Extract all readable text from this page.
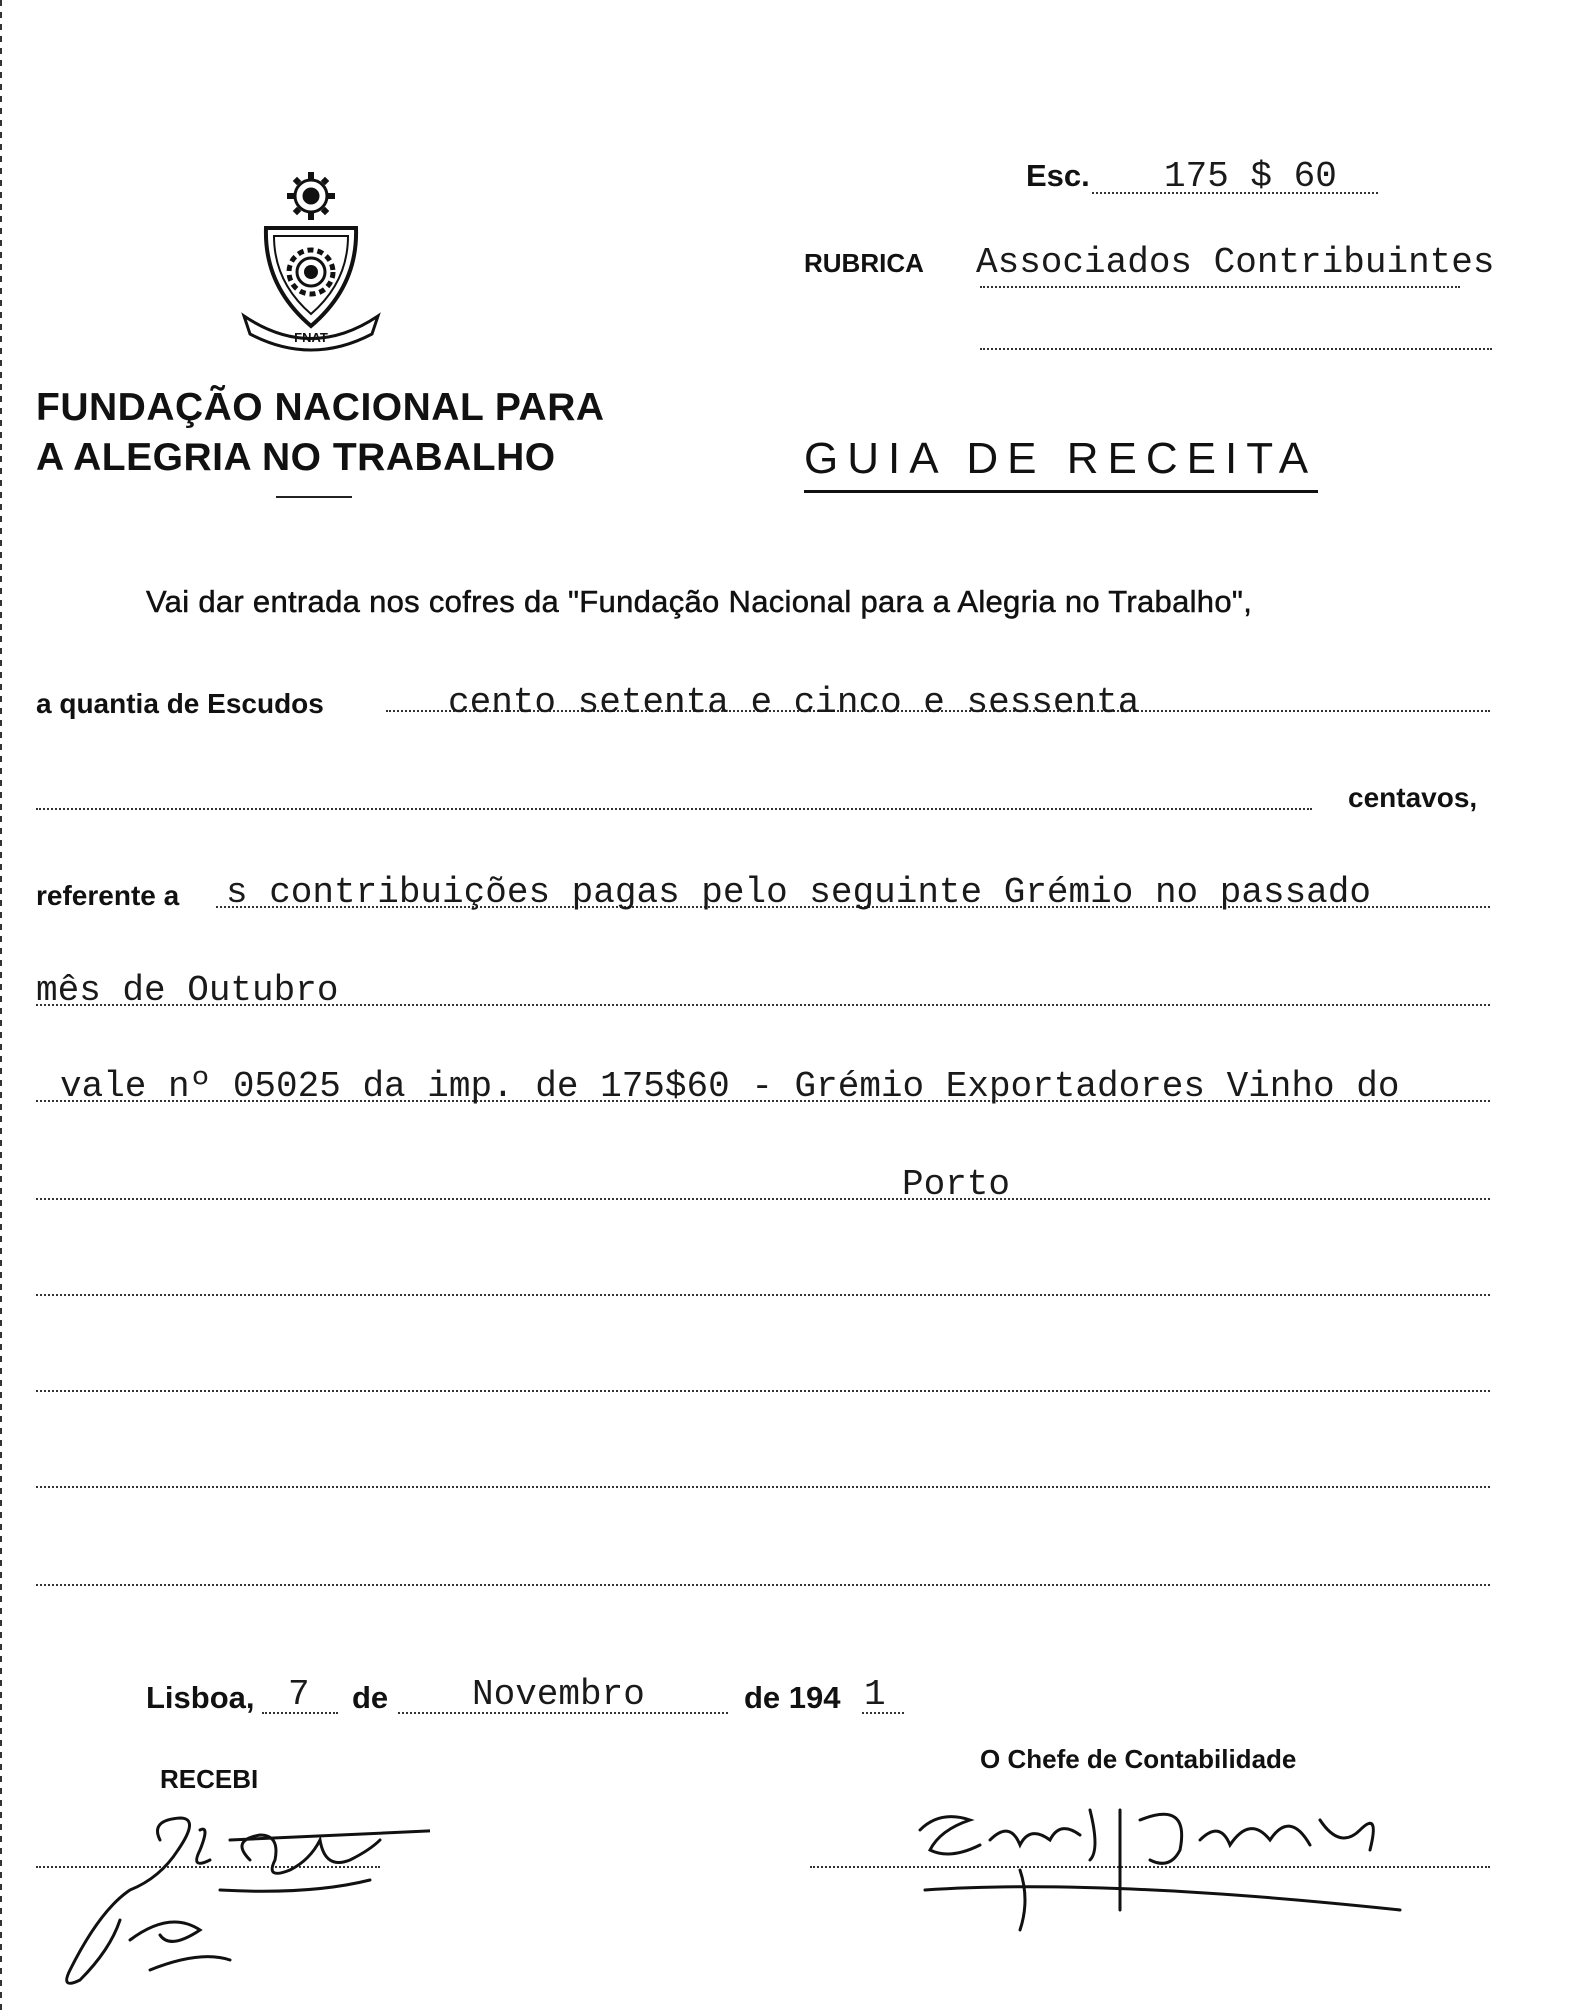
FNAT
FUNDAÇÃO NACIONAL PARA
A ALEGRIA NO TRABALHO
Esc. 175 $ 60
RUBRICA Associados Contribuintes
GUIA DE RECEITA
Vai dar entrada nos cofres da "Fundação Nacional para a Alegria no Trabalho",
a quantia de Escudos	cento setenta e cinco e sessenta
centavos,
referente a s contribuições pagas pelo seguinte Grémio no passado
mês de Outubro
vale nº 05025 da imp. de 175$60 - Grémio Exportadores Vinho do
Porto
Lisboa, 7 de Novembro	de 194 1
RECEBI
O Chefe de Contabilidade
